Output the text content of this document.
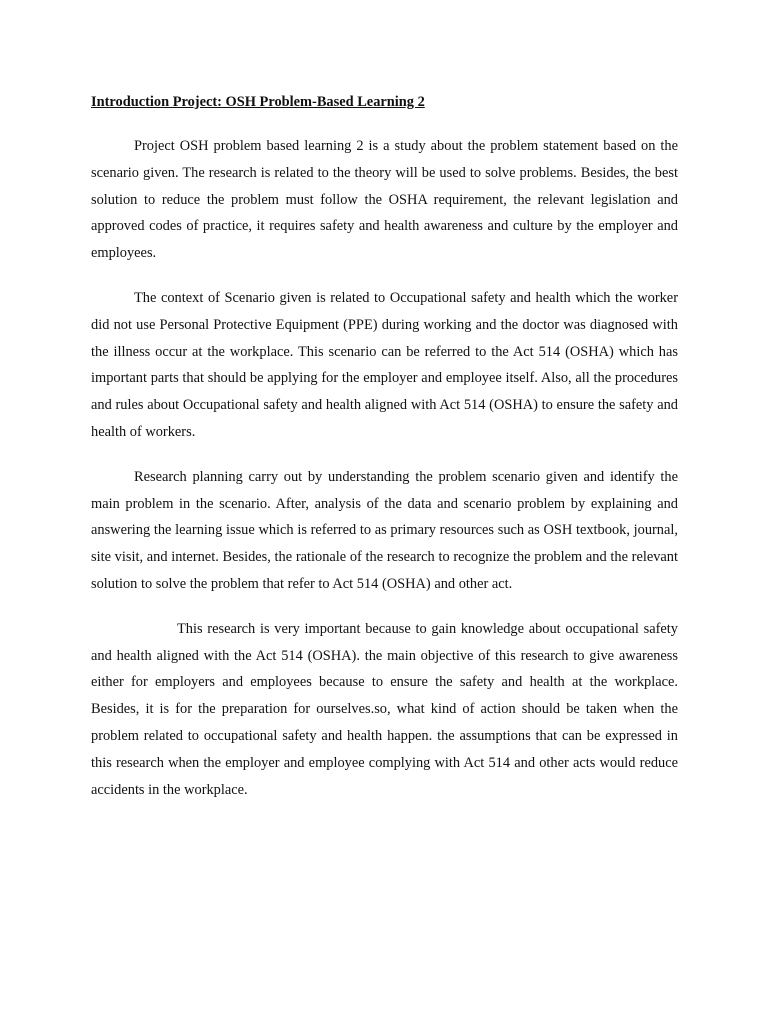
Introduction Project: OSH Problem-Based Learning 2

Project OSH problem based learning 2 is a study about the problem statement based on the scenario given. The research is related to the theory will be used to solve problems. Besides, the best solution to reduce the problem must follow the OSHA requirement, the relevant legislation and approved codes of practice, it requires safety and health awareness and culture by the employer and employees.

The context of Scenario given is related to Occupational safety and health which the worker did not use Personal Protective Equipment (PPE) during working and the doctor was diagnosed with the illness occur at the workplace. This scenario can be referred to the Act 514 (OSHA) which has important parts that should be applying for the employer and employee itself. Also, all the procedures and rules about Occupational safety and health aligned with Act 514 (OSHA) to ensure the safety and health of workers.

Research planning carry out by understanding the problem scenario given and identify the main problem in the scenario. After, analysis of the data and scenario problem by explaining and answering the learning issue which is referred to as primary resources such as OSH textbook, journal, site visit, and internet. Besides, the rationale of the research to recognize the problem and the relevant solution to solve the problem that refer to Act 514 (OSHA) and other act.

This research is very important because to gain knowledge about occupational safety and health aligned with the Act 514 (OSHA). the main objective of this research to give awareness either for employers and employees because to ensure the safety and health at the workplace. Besides, it is for the preparation for ourselves.so, what kind of action should be taken when the problem related to occupational safety and health happen. the assumptions that can be expressed in this research when the employer and employee complying with Act 514 and other acts would reduce accidents in the workplace.
